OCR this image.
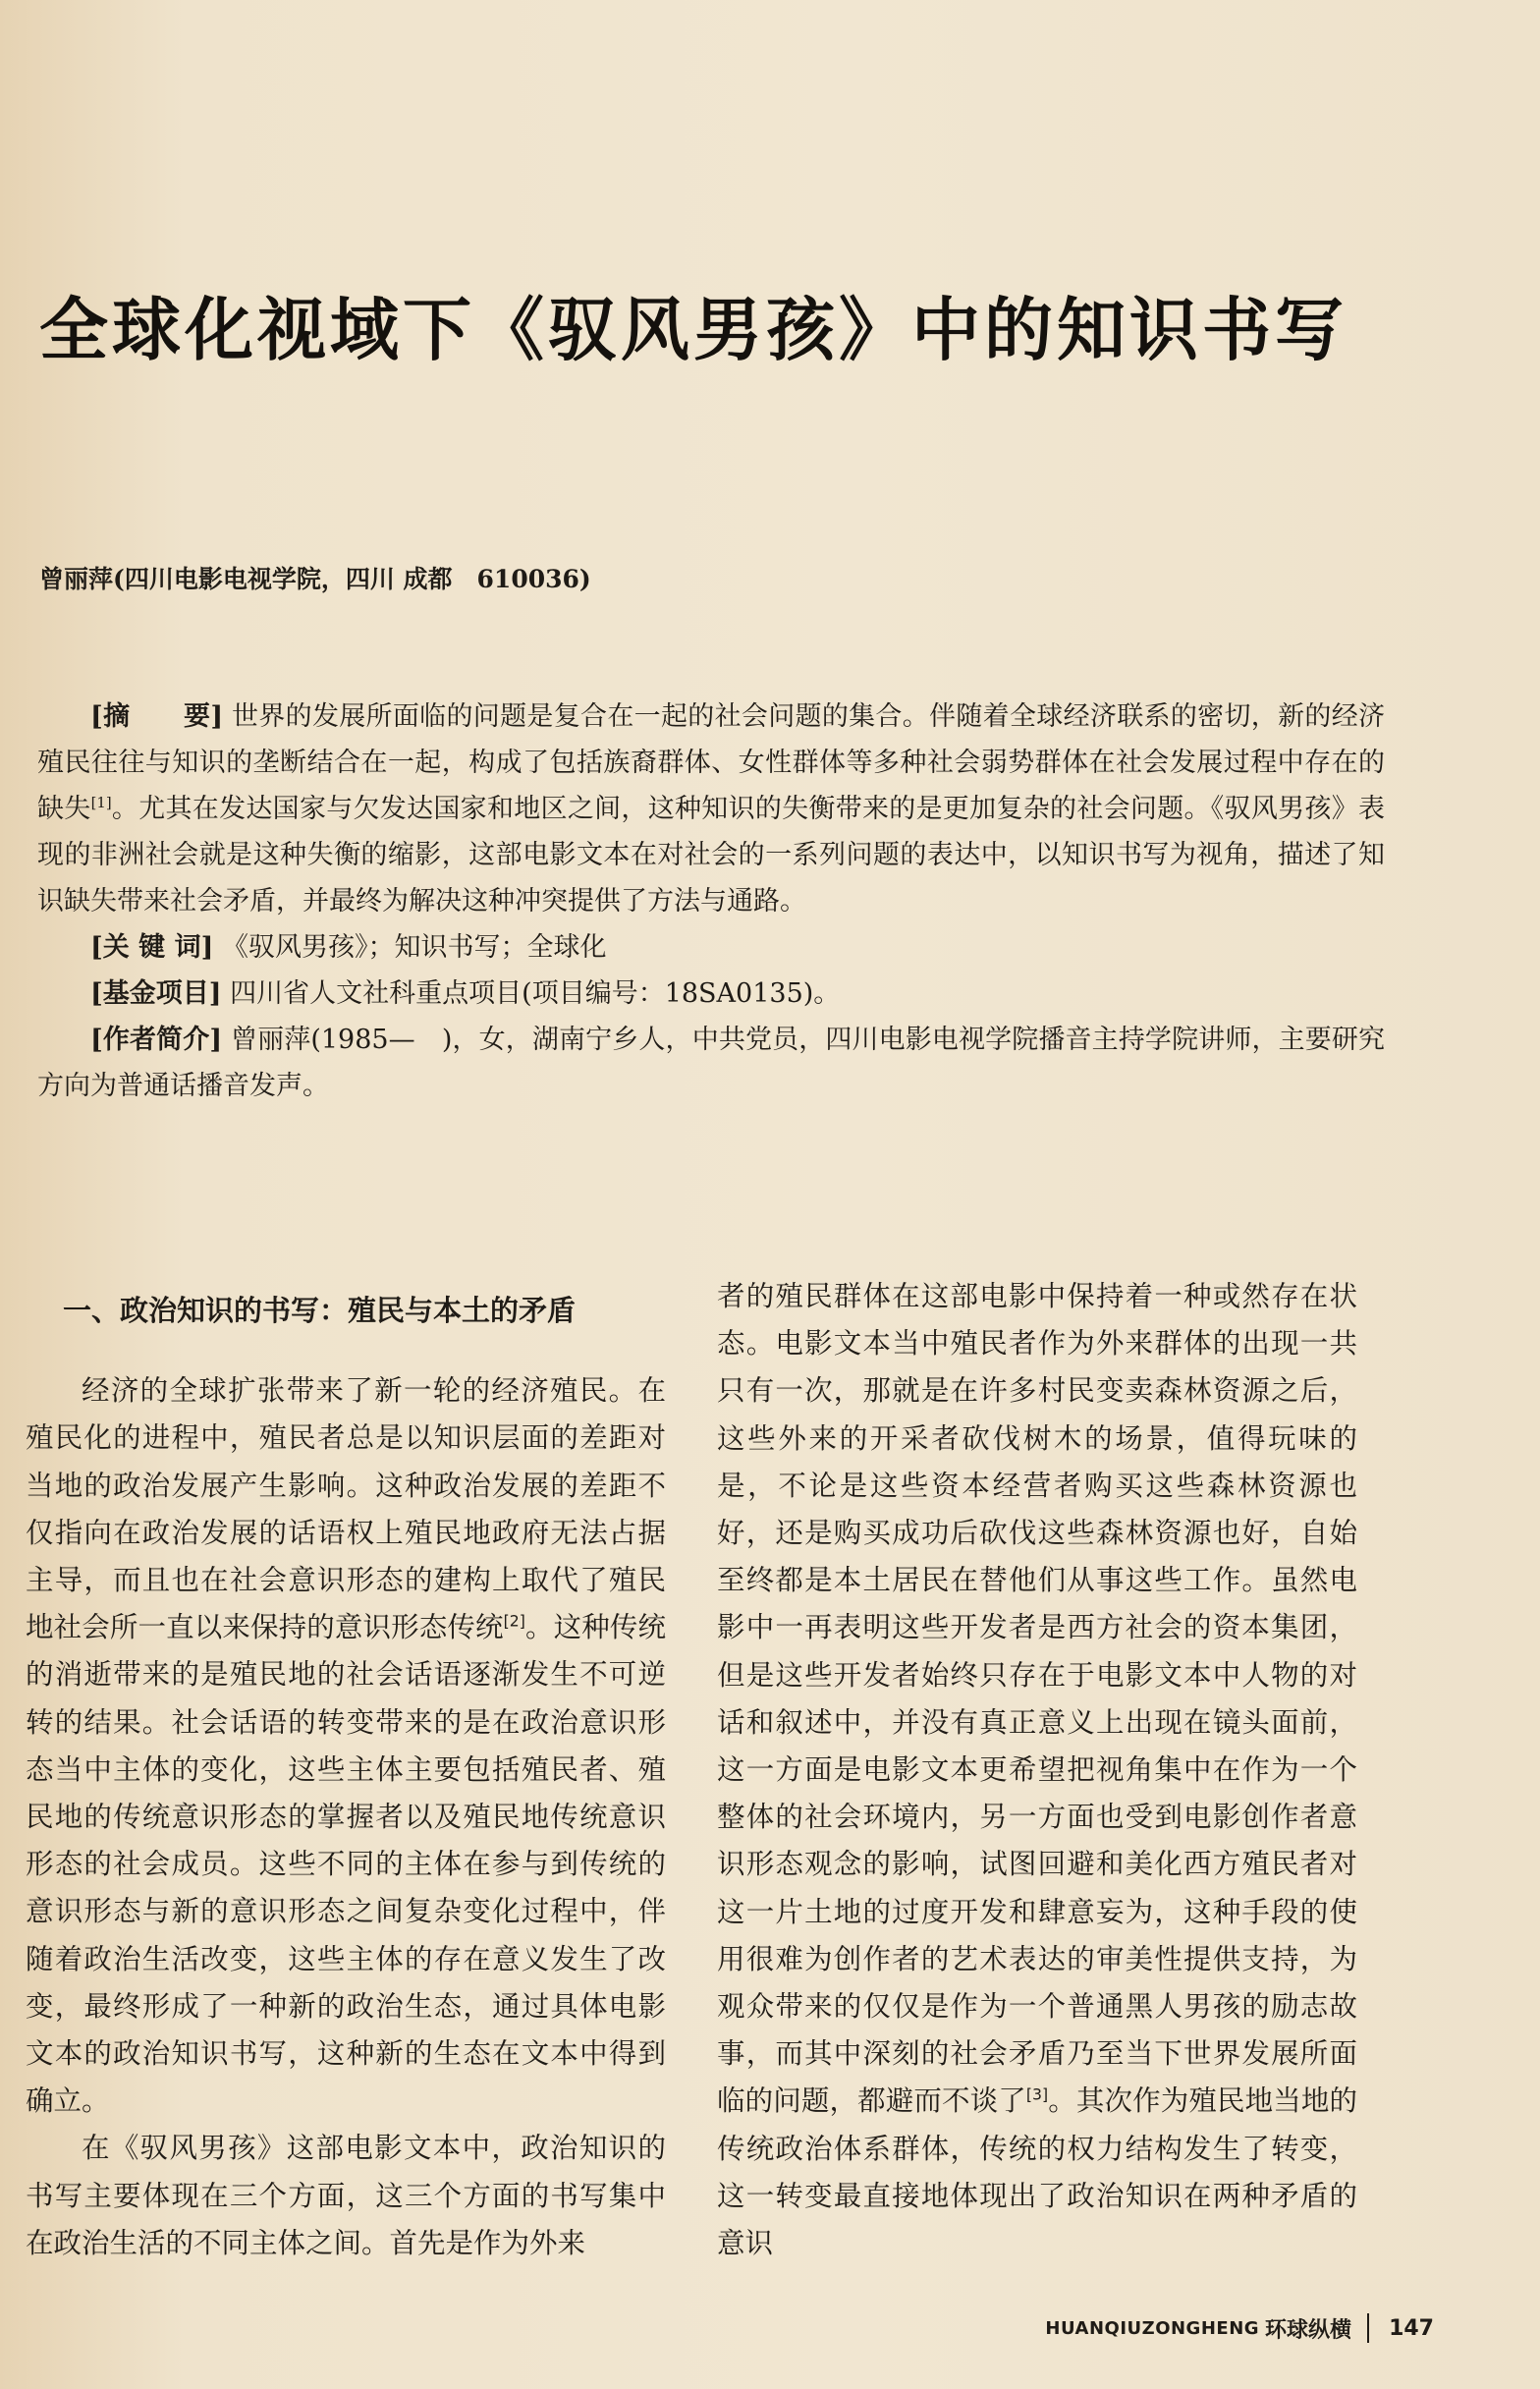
全球化视域下《驭风男孩》中的知识书写
曾丽萍(四川电影电视学院，四川 成都　610036)

[摘　　要] 世界的发展所面临的问题是复合在一起的社会问题的集合。伴随着全球经济联系的密切，新的经济殖民往往与知识的垄断结合在一起，构成了包括族裔群体、女性群体等多种社会弱势群体在社会发展过程中存在的缺失[1]。尤其在发达国家与欠发达国家和地区之间，这种知识的失衡带来的是更加复杂的社会问题。《驭风男孩》表现的非洲社会就是这种失衡的缩影，这部电影文本在对社会的一系列问题的表达中，以知识书写为视角，描述了知识缺失带来社会矛盾，并最终为解决这种冲突提供了方法与通路。

[关 键 词] 《驭风男孩》；知识书写；全球化

[基金项目] 四川省人文社科重点项目(项目编号：18SA0135)。

[作者简介] 曾丽萍(1985—　)，女，湖南宁乡人，中共党员，四川电影电视学院播音主持学院讲师，主要研究方向为普通话播音发声。

一、政治知识的书写：殖民与本土的矛盾

经济的全球扩张带来了新一轮的经济殖民。在殖民化的进程中，殖民者总是以知识层面的差距对当地的政治发展产生影响。这种政治发展的差距不仅指向在政治发展的话语权上殖民地政府无法占据主导，而且也在社会意识形态的建构上取代了殖民地社会所一直以来保持的意识形态传统[2]。这种传统的消逝带来的是殖民地的社会话语逐渐发生不可逆转的结果。社会话语的转变带来的是在政治意识形态当中主体的变化，这些主体主要包括殖民者、殖民地的传统意识形态的掌握者以及殖民地传统意识形态的社会成员。这些不同的主体在参与到传统的意识形态与新的意识形态之间复杂变化过程中，伴随着政治生活改变，这些主体的存在意义发生了改变，最终形成了一种新的政治生态，通过具体电影文本的政治知识书写，这种新的生态在文本中得到确立。

在《驭风男孩》这部电影文本中，政治知识的书写主要体现在三个方面，这三个方面的书写集中在政治生活的不同主体之间。首先是作为外来

者的殖民群体在这部电影中保持着一种或然存在状态。电影文本当中殖民者作为外来群体的出现一共只有一次，那就是在许多村民变卖森林资源之后，这些外来的开采者砍伐树木的场景，值得玩味的是，不论是这些资本经营者购买这些森林资源也好，还是购买成功后砍伐这些森林资源也好，自始至终都是本土居民在替他们从事这些工作。虽然电影中一再表明这些开发者是西方社会的资本集团，但是这些开发者始终只存在于电影文本中人物的对话和叙述中，并没有真正意义上出现在镜头面前，这一方面是电影文本更希望把视角集中在作为一个整体的社会环境内，另一方面也受到电影创作者意识形态观念的影响，试图回避和美化西方殖民者对这一片土地的过度开发和肆意妄为，这种手段的使用很难为创作者的艺术表达的审美性提供支持，为观众带来的仅仅是作为一个普通黑人男孩的励志故事，而其中深刻的社会矛盾乃至当下世界发展所面临的问题，都避而不谈了[3]。其次作为殖民地当地的传统政治体系群体，传统的权力结构发生了转变，这一转变最直接地体现出了政治知识在两种矛盾的意识

HUANQIUZONGHENG 环球纵横 147
